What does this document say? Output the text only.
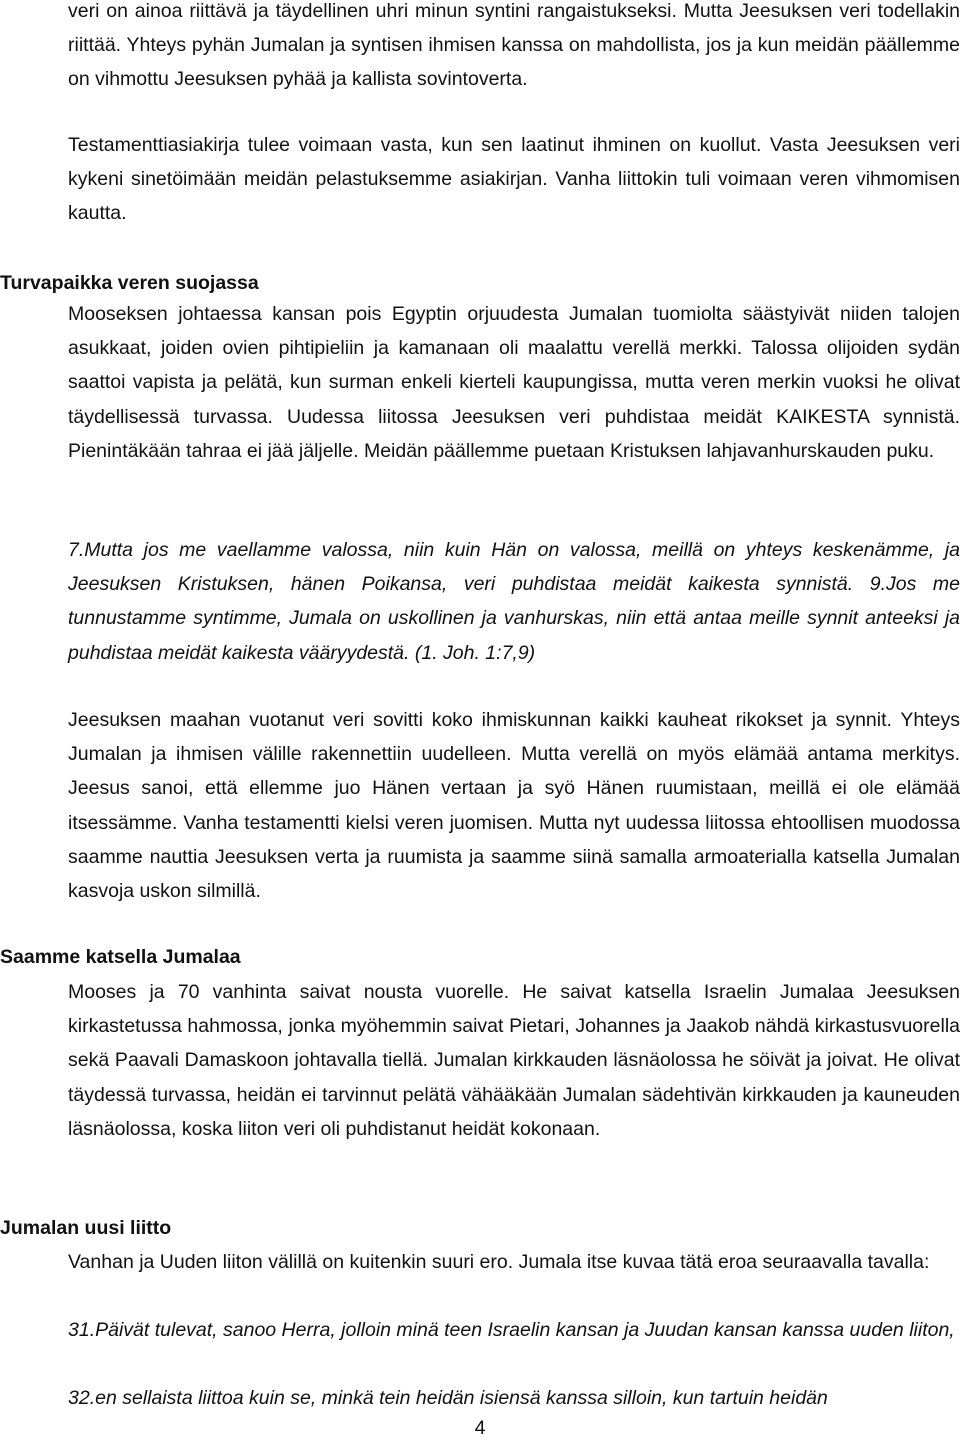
veri on ainoa riittävä ja täydellinen uhri minun syntini rangaistukseksi. Mutta Jeesuksen veri todellakin riittää. Yhteys pyhän Jumalan ja syntisen ihmisen kanssa on mahdollista, jos ja kun meidän päällemme on vihmottu Jeesuksen pyhää ja kallista sovintoverta.

Testamenttiasiakirja tulee voimaan vasta, kun sen laatinut ihminen on kuollut. Vasta Jeesuksen veri kykeni sinetöimään meidän pelastuksemme asiakirjan. Vanha liittokin tuli voimaan veren vihmomisen kautta.

Turvapaikka veren suojassa

Mooseksen johtaessa kansan pois Egyptin orjuudesta Jumalan tuomiolta säästyivät niiden talojen asukkaat, joiden ovien pihtipieliin ja kamanaan oli maalattu verellä merkki. Talossa olijoiden sydän saattoi vapista ja pelätä, kun surman enkeli kierteli kaupungissa, mutta veren merkin vuoksi he olivat täydellisessä turvassa. Uudessa liitossa Jeesuksen veri puhdistaa meidät KAIKESTA synnistä. Pienintäkään tahraa ei jää jäljelle. Meidän päällemme puetaan Kristuksen lahjavanhurskauden puku.

7.Mutta jos me vaellamme valossa, niin kuin Hän on valossa, meillä on yhteys keskenämme, ja Jeesuksen Kristuksen, hänen Poikansa, veri puhdistaa meidät kaikesta synnistä. 9.Jos me tunnustamme syntimme, Jumala on uskollinen ja vanhurskas, niin että antaa meille synnit anteeksi ja puhdistaa meidät kaikesta vääryydestä. (1. Joh. 1:7,9)

Jeesuksen maahan vuotanut veri sovitti koko ihmiskunnan kaikki kauheat rikokset ja synnit. Yhteys Jumalan ja ihmisen välille rakennettiin uudelleen. Mutta verellä on myös elämää antama merkitys. Jeesus sanoi, että ellemme juo Hänen vertaan ja syö Hänen ruumistaan, meillä ei ole elämää itsessämme. Vanha testamentti kielsi veren juomisen. Mutta nyt uudessa liitossa ehtoollisen muodossa saamme nauttia Jeesuksen verta ja ruumista ja saamme siinä samalla armoaterialla katsella Jumalan kasvoja uskon silmillä.

Saamme katsella Jumalaa

Mooses ja 70 vanhinta saivat nousta vuorelle. He saivat katsella Israelin Jumalaa Jeesuksen kirkastetussa hahmossa, jonka myöhemmin saivat Pietari, Johannes ja Jaakob nähdä kirkastusvuorella sekä Paavali Damaskoon johtavalla tiellä. Jumalan kirkkauden läsnäolossa he söivät ja joivat. He olivat täydessä turvassa, heidän ei tarvinnut pelätä vähääkään Jumalan sädehtivän kirkkauden ja kauneuden läsnäolossa, koska liiton veri oli puhdistanut heidät kokonaan.

Jumalan uusi liitto

Vanhan ja Uuden liiton välillä on kuitenkin suuri ero. Jumala itse kuvaa tätä eroa seuraavalla tavalla:

31.Päivät tulevat, sanoo Herra, jolloin minä teen Israelin kansan ja Juudan kansan kanssa uuden liiton,

32.en sellaista liittoa kuin se, minkä tein heidän isiensä kanssa silloin, kun tartuin heidän

4
